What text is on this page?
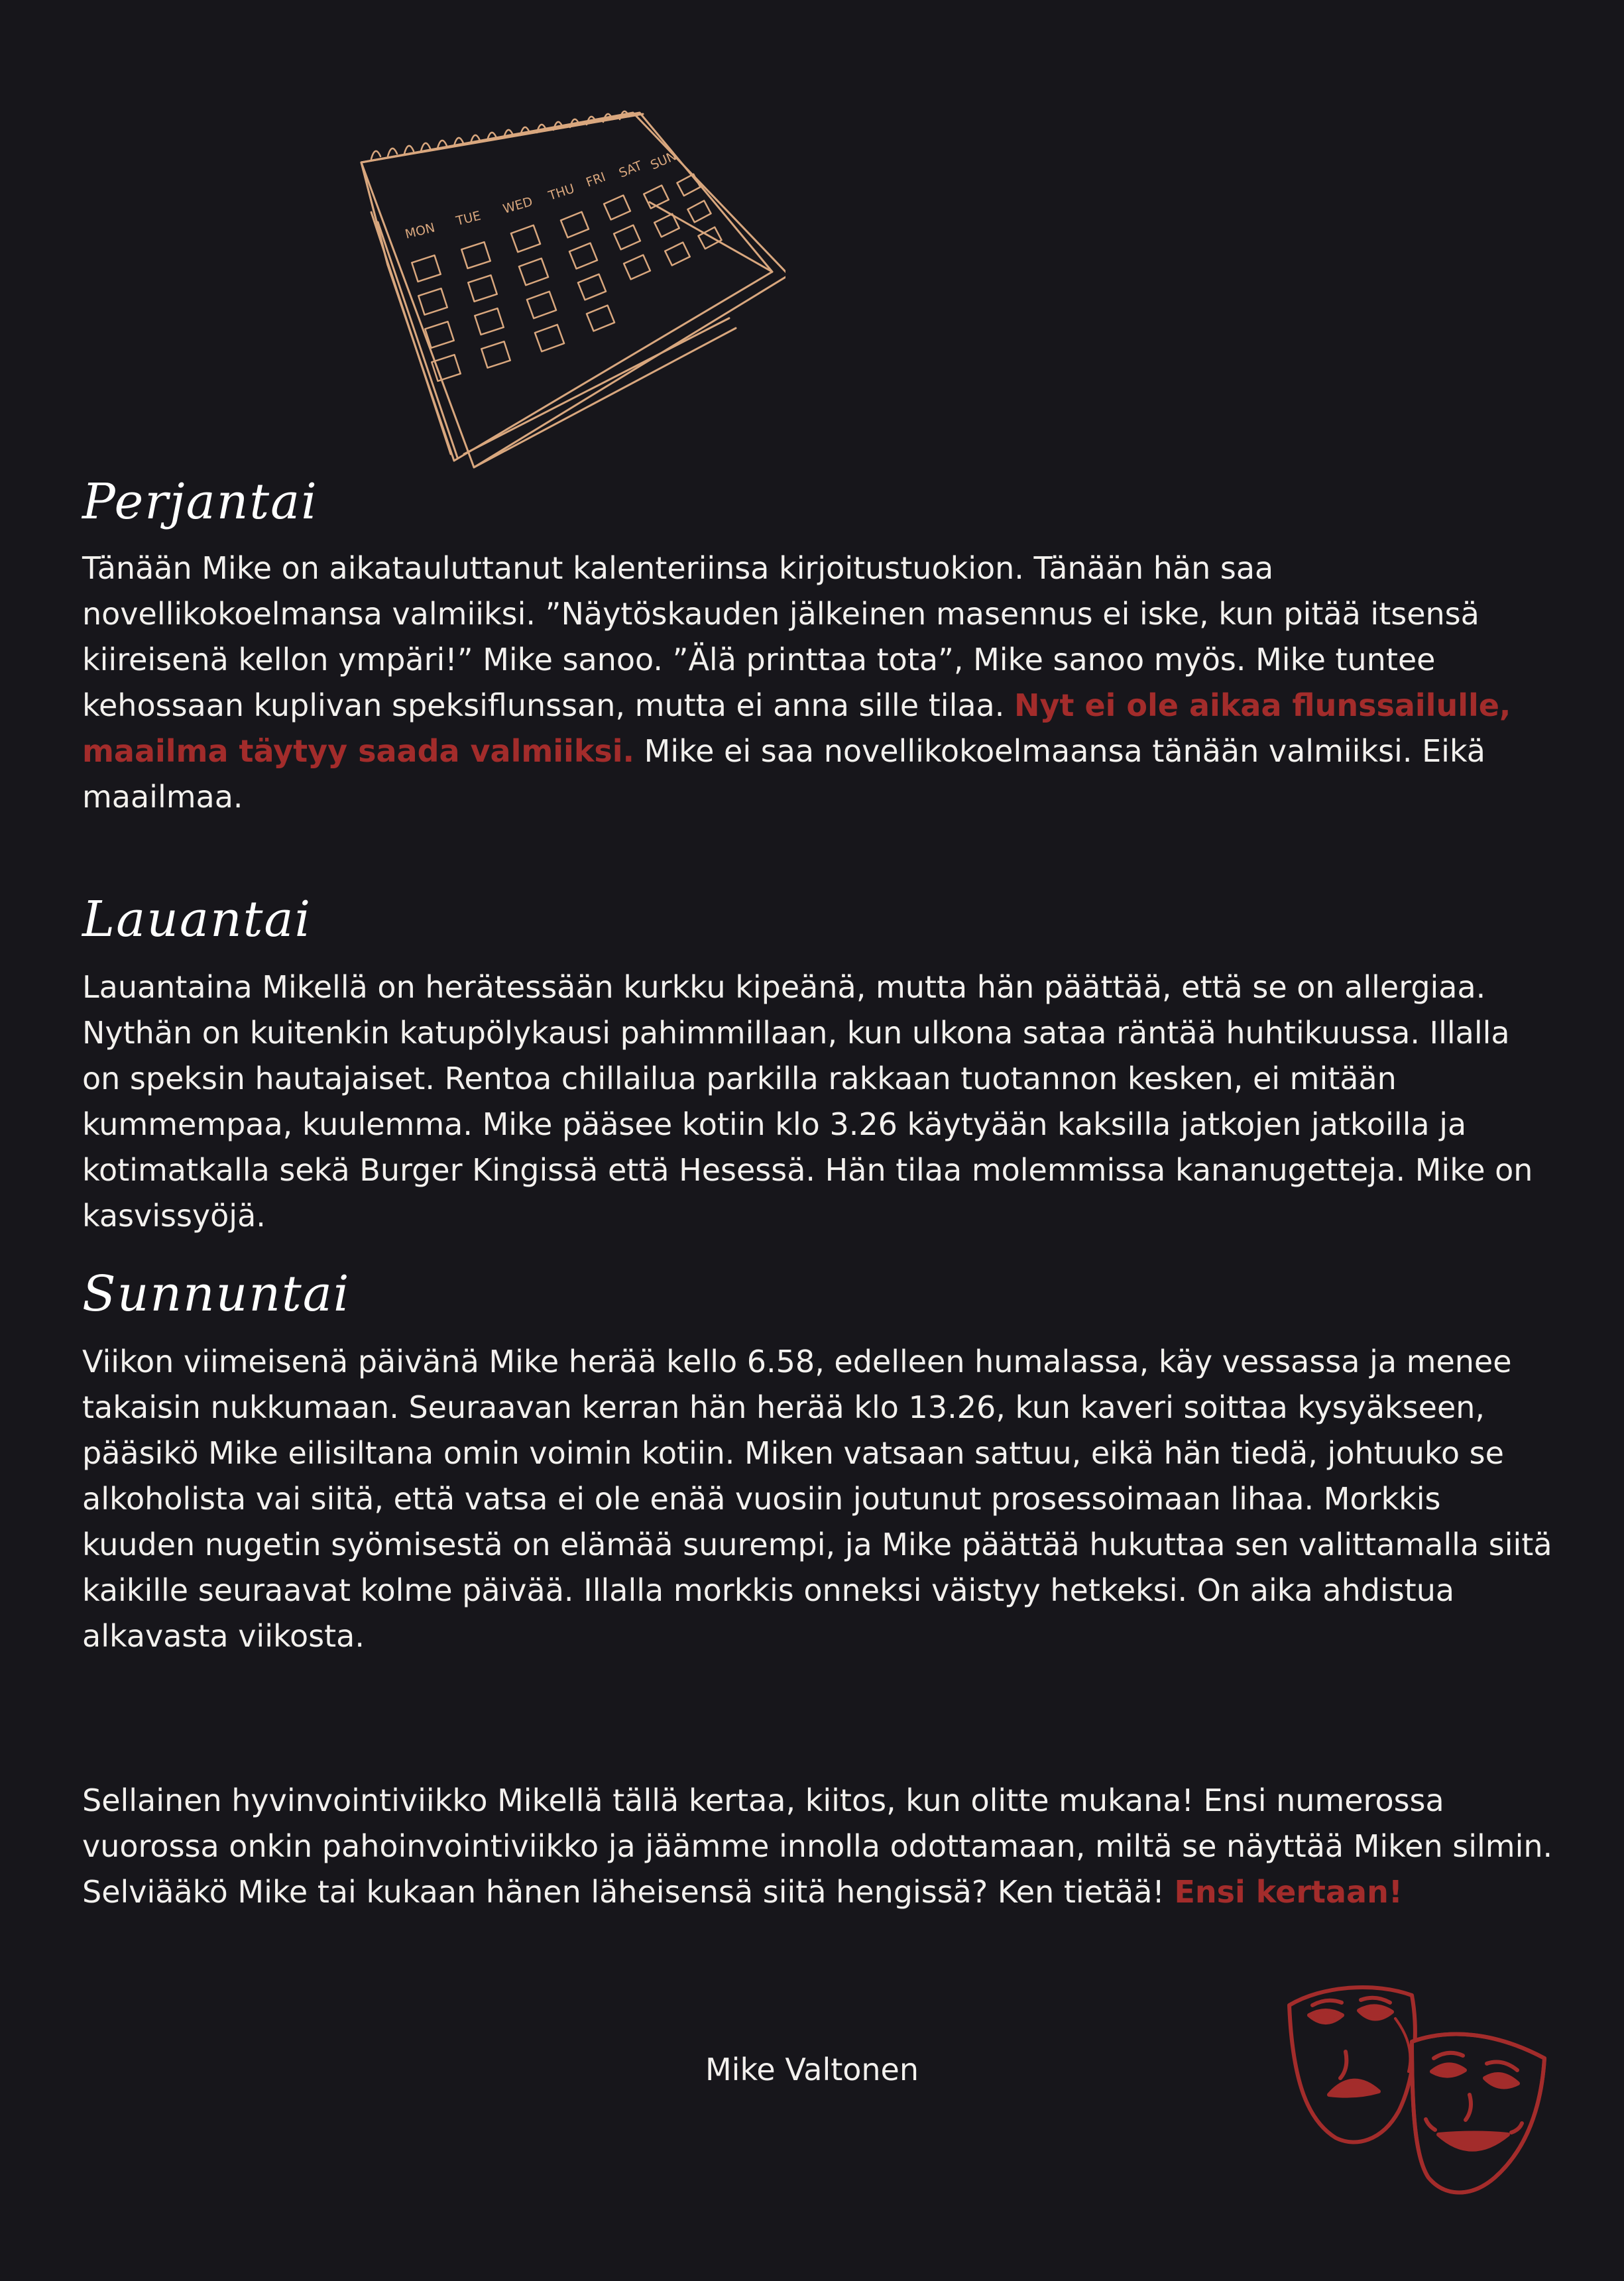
MON
TUE
WED
THU
FRI SAT SUN
Perjantai

Tänään Mike on aikatauluttanut kalenteriinsa kirjoitustuokion. Tänään hän saa novellikokoelmansa valmiiksi. ”Näytöskauden jälkeinen masennus ei iske, kun pitää itsensä kiireisenä kellon ympäri!” Mike sanoo. ”Älä printtaa tota”, Mike sanoo myös. Mike tuntee kehossaan kuplivan speksiflunssan, mutta ei anna sille tilaa. Nyt ei ole aikaa flunssailulle, maailma täytyy saada valmiiksi. Mike ei saa novellikokoelmaansa tänään valmiiksi. Eikä maailmaa.

Lauantai

Lauantaina Mikellä on herätessään kurkku kipeänä, mutta hän päättää, että se on allergiaa. Nythän on kuitenkin katupölykausi pahimmillaan, kun ulkona sataa räntää huhtikuussa. Illalla on speksin hautajaiset. Rentoa chillailua parkilla rakkaan tuotannon kesken, ei mitään kummempaa, kuulemma. Mike pääsee kotiin klo 3.26 käytyään kaksilla jatkojen jatkoilla ja kotimatkalla sekä Burger Kingissä että Hesessä. Hän tilaa molemmissa kananugetteja. Mike on kasvissyöjä.

Sunnuntai

Viikon viimeisenä päivänä Mike herää kello 6.58, edelleen humalassa, käy vessassa ja menee takaisin nukkumaan. Seuraavan kerran hän herää klo 13.26, kun kaveri soittaa kysyäkseen, pääsikö Mike eilisiltana omin voimin kotiin. Miken vatsaan sattuu, eikä hän tiedä, johtuuko se alkoholista vai siitä, että vatsa ei ole enää vuosiin joutunut prosessoimaan lihaa. Morkkis kuuden nugetin syömisestä on elämää suurempi, ja Mike päättää hukuttaa sen valittamalla siitä kaikille seuraavat kolme päivää. Illalla morkkis onneksi väistyy hetkeksi. On aika ahdistua alkavasta viikosta.

Sellainen hyvinvointiviikko Mikellä tällä kertaa, kiitos, kun olitte mukana! Ensi numerossa vuorossa onkin pahoinvointiviikko ja jäämme innolla odottamaan, miltä se näyttää Miken silmin. Selviääkö Mike tai kukaan hänen läheisensä siitä hengissä? Ken tietää! Ensi kertaan!

Mike Valtonen
